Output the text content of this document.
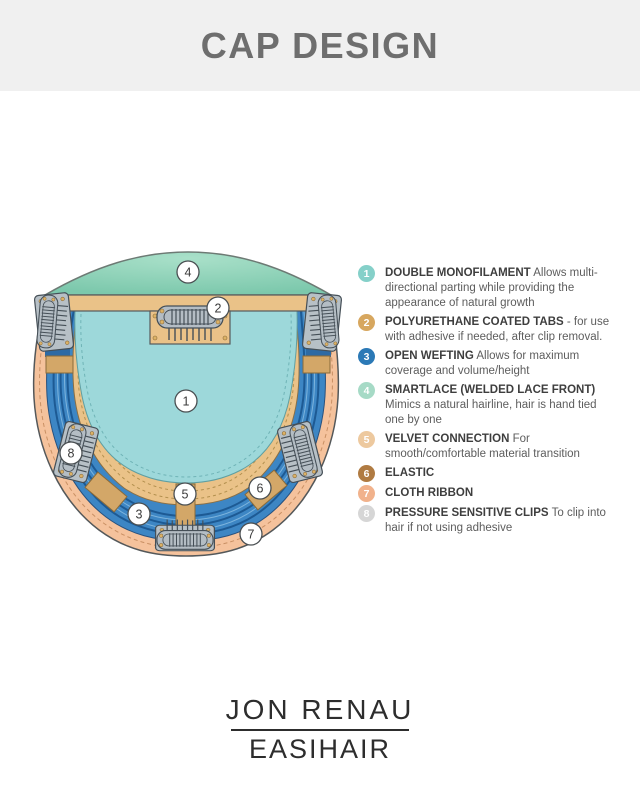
CAP DESIGN
1
2
3
4
5	6
7
8
1	DOUBLE MONOFILAMENT Allows multi-directional parting while providing the appearance of natural growth
2	POLYURETHANE COATED TABS - for use with adhesive if needed, after clip removal.
3	OPEN WEFTING Allows for maximum coverage and volume/height
4	SMARTLACE (WELDED LACE FRONT) Mimics a natural hairline, hair is hand tied one by one
5	VELVET CONNECTION For smooth/comfortable material transition
6	ELASTIC
7	CLOTH RIBBON
8	PRESSURE SENSITIVE CLIPS To clip into hair if not using adhesive
JON RENAU
EASIHAIR
